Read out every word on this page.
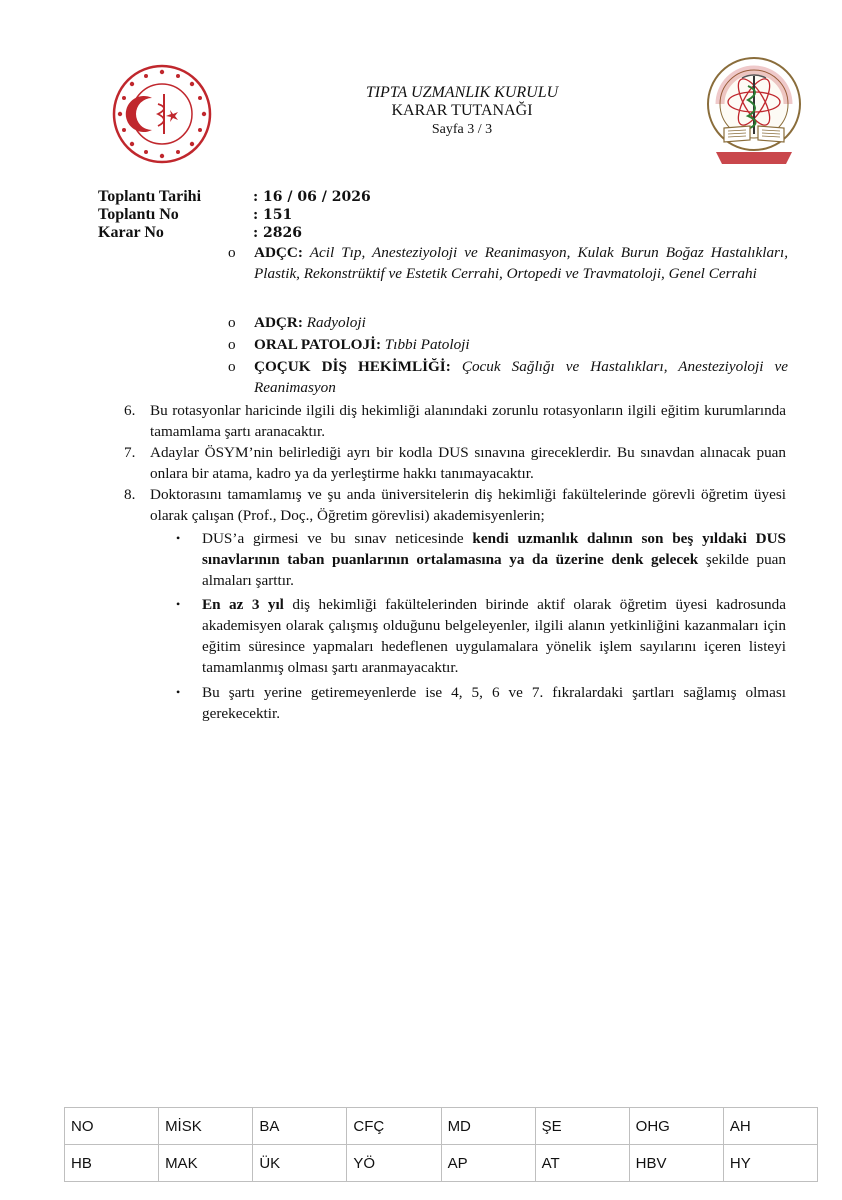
TIPTA UZMANLIK KURULU
KARAR TUTANAĞI
Sayfa 3 / 3
Toplantı Tarihi	: 16 / 06 / 2026
Toplantı No	: 151
Karar No	: 2826
o ADÇC: Acil Tıp, Anesteziyoloji ve Reanimasyon, Kulak Burun Boğaz Hastalıkları, Plastik, Rekonstrüktif ve Estetik Cerrahi, Ortopedi ve Travmatoloji, Genel Cerrahi
o ADÇR: Radyoloji
o ORAL PATOLOJİ: Tıbbi Patoloji
o ÇOÇUK DİŞ HEKİMLİĞİ: Çocuk Sağlığı ve Hastalıkları, Anesteziyoloji ve Reanimasyon
6. Bu rotasyonlar haricinde ilgili diş hekimliği alanındaki zorunlu rotasyonların ilgili eğitim kurumlarında tamamlama şartı aranacaktır.
7. Adaylar ÖSYM’nin belirlediği ayrı bir kodla DUS sınavına gireceklerdir. Bu sınavdan alınacak puan onlara bir atama, kadro ya da yerleştirme hakkı tanımayacaktır.
8. Doktorasını tamamlamış ve şu anda üniversitelerin diş hekimliği fakültelerinde görevli öğretim üyesi olarak çalışan (Prof., Doç., Öğretim görevlisi) akademisyenlerin;
• DUS’a girmesi ve bu sınav neticesinde kendi uzmanlık dalının son beş yıldaki DUS sınavlarının taban puanlarının ortalamasına ya da üzerine denk gelecek şekilde puan almaları şarttır.
• En az 3 yıl diş hekimliği fakültelerinden birinde aktif olarak öğretim üyesi kadrosunda akademisyen olarak çalışmış olduğunu belgeleyenler, ilgili alanın yetkinliğini kazanmaları için eğitim süresince yapmaları hedeflenen uygulamalara yönelik işlem sayılarını içeren listeyi tamamlanmış olması şartı aranmayacaktır.
• Bu şartı yerine getiremeyenlerde ise 4, 5, 6 ve 7. fıkralardaki şartları sağlamış olması gerekecektir.
NO	MİSK	BA	CFÇ	MD	ŞE	OHG	AH
HB	MAK	ÜK	YÖ	AP	AT	HBV	HY
